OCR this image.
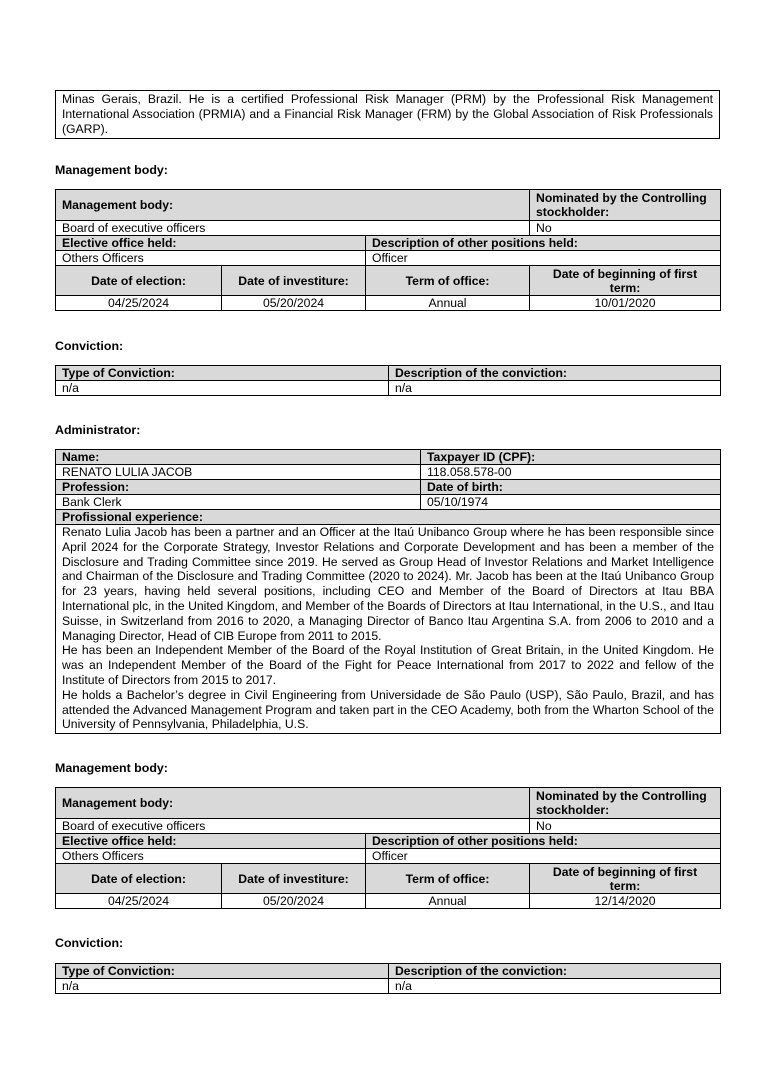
Minas Gerais, Brazil. He is a certified Professional Risk Manager (PRM) by the Professional Risk Management International Association (PRMIA) and a Financial Risk Manager (FRM) by the Global Association of Risk Professionals (GARP).
Management body:
Management body:			Nominated by the Controlling stockholder:
Board of executive officers			No
Elective office held:		Description of other positions held:	
Others Officers		Officer	
Date of election:	Date of investiture:	Term of office:	Date of beginning of first term:
04/25/2024	05/20/2024	Annual	10/01/2020
Conviction:
Type of Conviction:	Description of the conviction:
n/a	n/a
Administrator:
Name:	Taxpayer ID (CPF):
RENATO LULIA JACOB	118.058.578-00
Profession:	Date of birth:
Bank Clerk	05/10/1974
Profissional experience:	

Renato Lulia Jacob has been a partner and an Officer at the Itaú Unibanco Group where he has been responsible since April 2024 for the Corporate Strategy, Investor Relations and Corporate Development and has been a member of the Disclosure and Trading Committee since 2019. He served as Group Head of Investor Relations and Market Intelligence and Chairman of the Disclosure and Trading Committee (2020 to 2024). Mr. Jacob has been at the Itaú Unibanco Group for 23 years, having held several positions, including CEO and Member of the Board of Directors at Itau BBA International plc, in the United Kingdom, and Member of the Boards of Directors at Itau International, in the U.S., and Itau Suisse, in Switzerland from 2016 to 2020, a Managing Director of Banco Itau Argentina S.A. from 2006 to 2010 and a Managing Director, Head of CIB Europe from 2011 to 2015.
He has been an Independent Member of the Board of the Royal Institution of Great Britain, in the United Kingdom. He was an Independent Member of the Board of the Fight for Peace International from 2017 to 2022 and fellow of the Institute of Directors from 2015 to 2017.
He holds a Bachelor’s degree in Civil Engineering from Universidade de São Paulo (USP), São Paulo, Brazil, and has attended the Advanced Management Program and taken part in the CEO Academy, both from the Wharton School of the University of Pennsylvania, Philadelphia, U.S.	
Management body:
Management body:			Nominated by the Controlling stockholder:
Board of executive officers			No
Elective office held:		Description of other positions held:	
Others Officers		Officer	
Date of election:	Date of investiture:	Term of office:	Date of beginning of first term:
04/25/2024	05/20/2024	Annual	12/14/2020
Conviction:
Type of Conviction:	Description of the conviction:
n/a	n/a
